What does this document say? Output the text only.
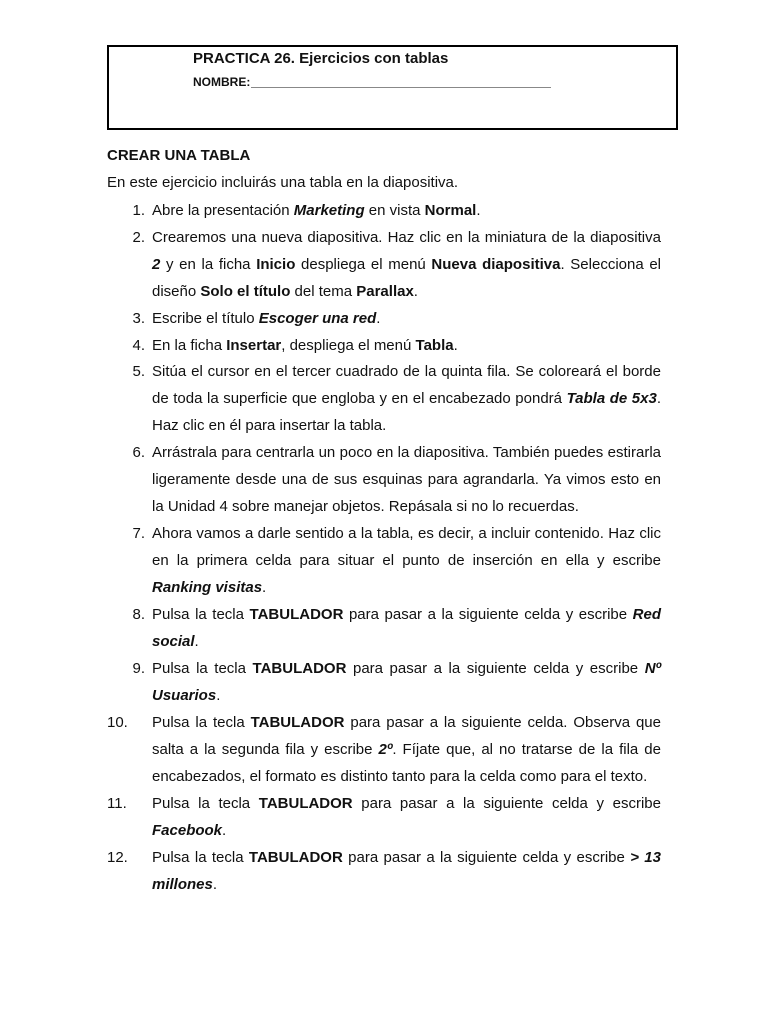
PRACTICA 26. Ejercicios con tablas
NOMBRE:
CREAR UNA TABLA
En este ejercicio incluirás una tabla en la diapositiva.
1. Abre la presentación Marketing en vista Normal.
2. Crearemos una nueva diapositiva. Haz clic en la miniatura de la diapositiva 2 y en la ficha Inicio despliega el menú Nueva diapositiva. Selecciona el diseño Solo el título del tema Parallax.
3. Escribe el título Escoger una red.
4. En la ficha Insertar, despliega el menú Tabla.
5. Sitúa el cursor en el tercer cuadrado de la quinta fila. Se coloreará el borde de toda la superficie que engloba y en el encabezado pondrá Tabla de 5x3. Haz clic en él para insertar la tabla.
6. Arrástrala para centrarla un poco en la diapositiva. También puedes estirarla ligeramente desde una de sus esquinas para agrandarla. Ya vimos esto en la Unidad 4 sobre manejar objetos. Repásala si no lo recuerdas.
7. Ahora vamos a darle sentido a la tabla, es decir, a incluir contenido. Haz clic en la primera celda para situar el punto de inserción en ella y escribe Ranking visitas.
8. Pulsa la tecla TABULADOR para pasar a la siguiente celda y escribe Red social.
9. Pulsa la tecla TABULADOR para pasar a la siguiente celda y escribe Nº Usuarios.
10.	Pulsa la tecla TABULADOR para pasar a la siguiente celda. Observa que salta a la segunda fila y escribe 2º. Fíjate que, al no tratarse de la fila de encabezados, el formato es distinto tanto para la celda como para el texto.
11.	Pulsa la tecla TABULADOR para pasar a la siguiente celda y escribe Facebook.
12.	Pulsa la tecla TABULADOR para pasar a la siguiente celda y escribe > 13 millones.
